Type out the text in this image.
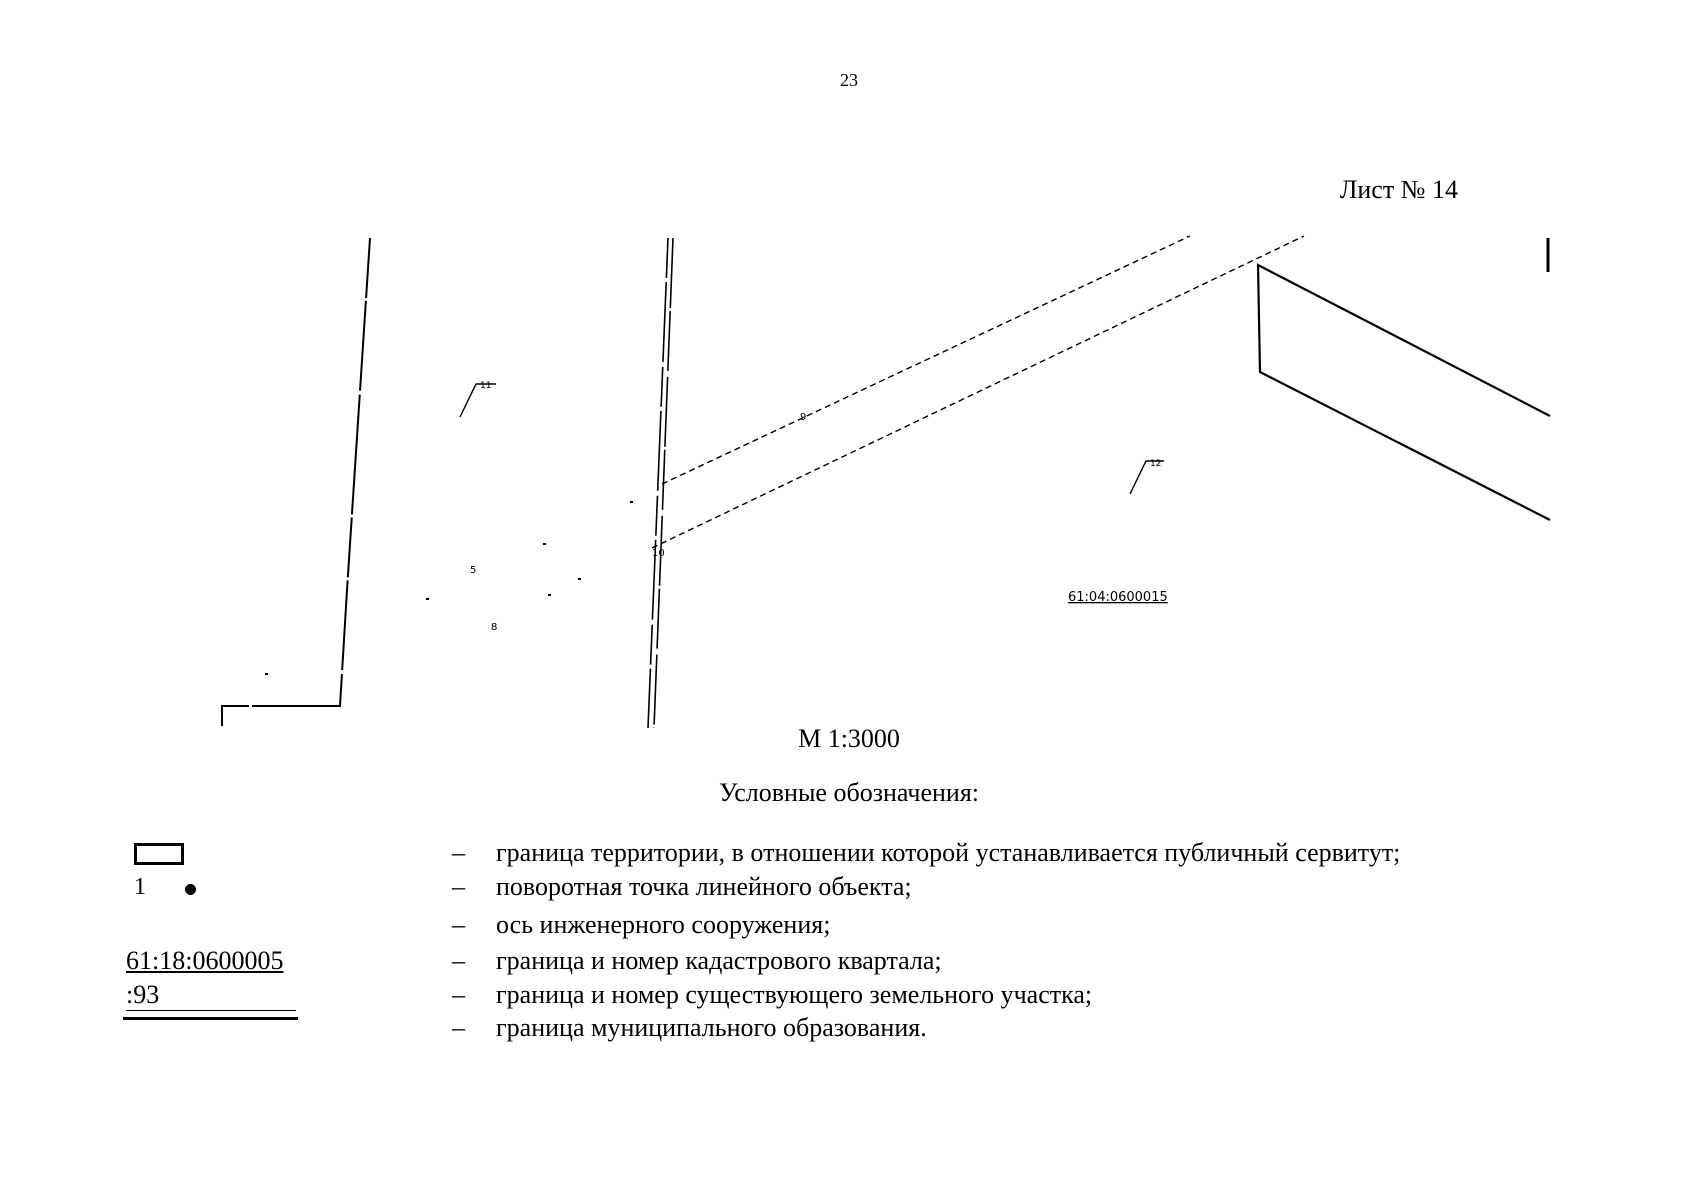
23
Лист № 14
5
8
9
10
11
12
61:04:0600015
М 1:3000
Условные обозначения:
– граница территории, в отношении которой устанавливается публичный сервитут;
1	– поворотная точка линейного объекта;
– ось инженерного сооружения;
61:18:0600005	– граница и номер кадастрового квартала;
:93	– граница и номер существующего земельного участка;
– граница муниципального образования.
